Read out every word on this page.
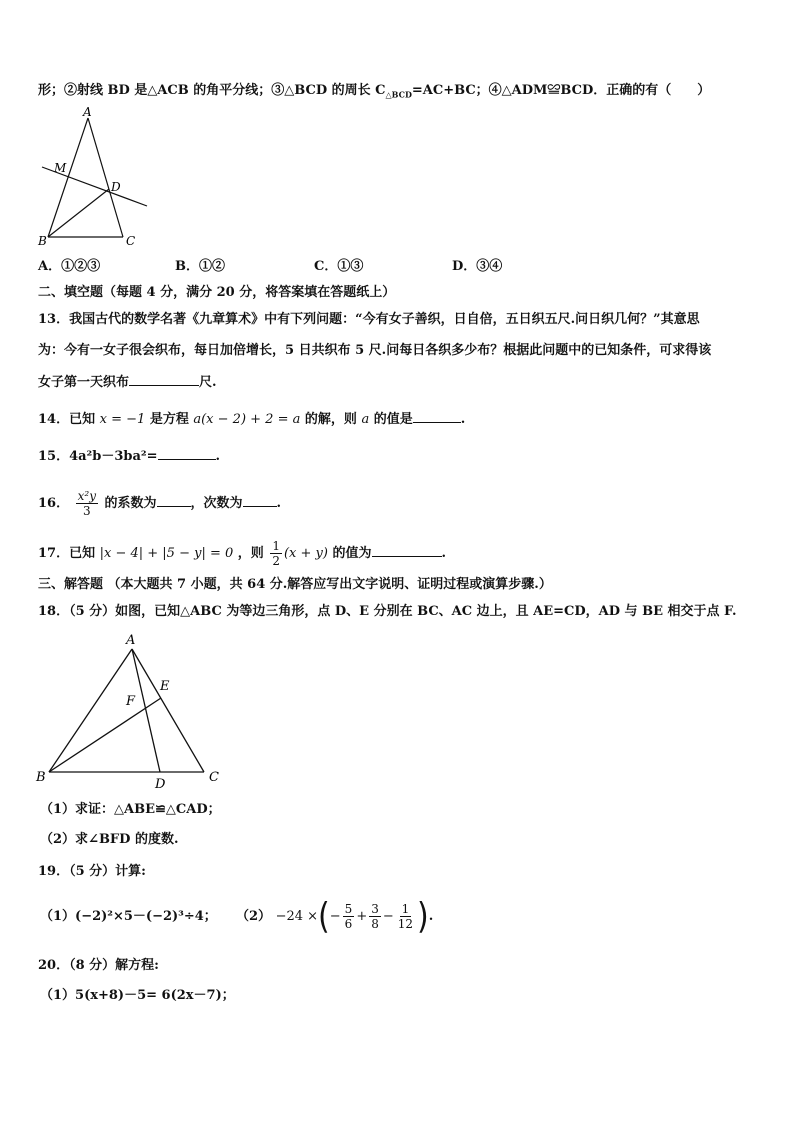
形；②射线 BD 是△ACB 的角平分线；③△BCD 的周长 $C_{\triangle BCD}=AC+BC$；④△ADM≌BCD．正确的有（　　）
A
M
D
B	C
A．①②③	B．①②	C．①③	D．③④
二、填空题（每题 4 分，满分 20 分，将答案填在答题纸上）
13．我国古代的数学名著《九章算术》中有下列问题：“今有女子善织，日自倍，五日织五尺.问日织几何？”其意思
为：今有一女子很会织布，每日加倍增长，5 日共织布 5 尺.问每日各织多少布？根据此问题中的已知条件，可求得该
女子第一天织布	尺.
14．已知 x = −1 是方程 a(x − 2) + 2 = a 的解，则 a 的值是	.
15．4a²b－3ba²=	.
16． $\frac{\text{x²y}}{3}$ 的系数为	，次数为	.
17．已知 |x − 4| + |5 − y| = 0 ，则 $\frac{1}{2} (x + y)$ 的值为	.
三、解答题 （本大题共 7 小题，共 64 分.解答应写出文字说明、证明过程或演算步骤.）
18．（5 分）如图，已知△ABC 为等边三角形，点 D、E 分别在 BC、AC 边上，且 AE=CD，AD 与 BE 相交于点 F.
A
E
F
B	D	C
（1）求证：△ABE≌△CAD；
（2）求∠BFD 的度数.
19．（5 分）计算:
（1）(−2)²×5－(−2)³÷4； （2） −24 ×(− $\frac{5}{6} + \frac{3}{8} - \frac{1}{12}$ ).
20．（8 分）解方程:
（1）5(x+8)－5= 6(2x－7)；
